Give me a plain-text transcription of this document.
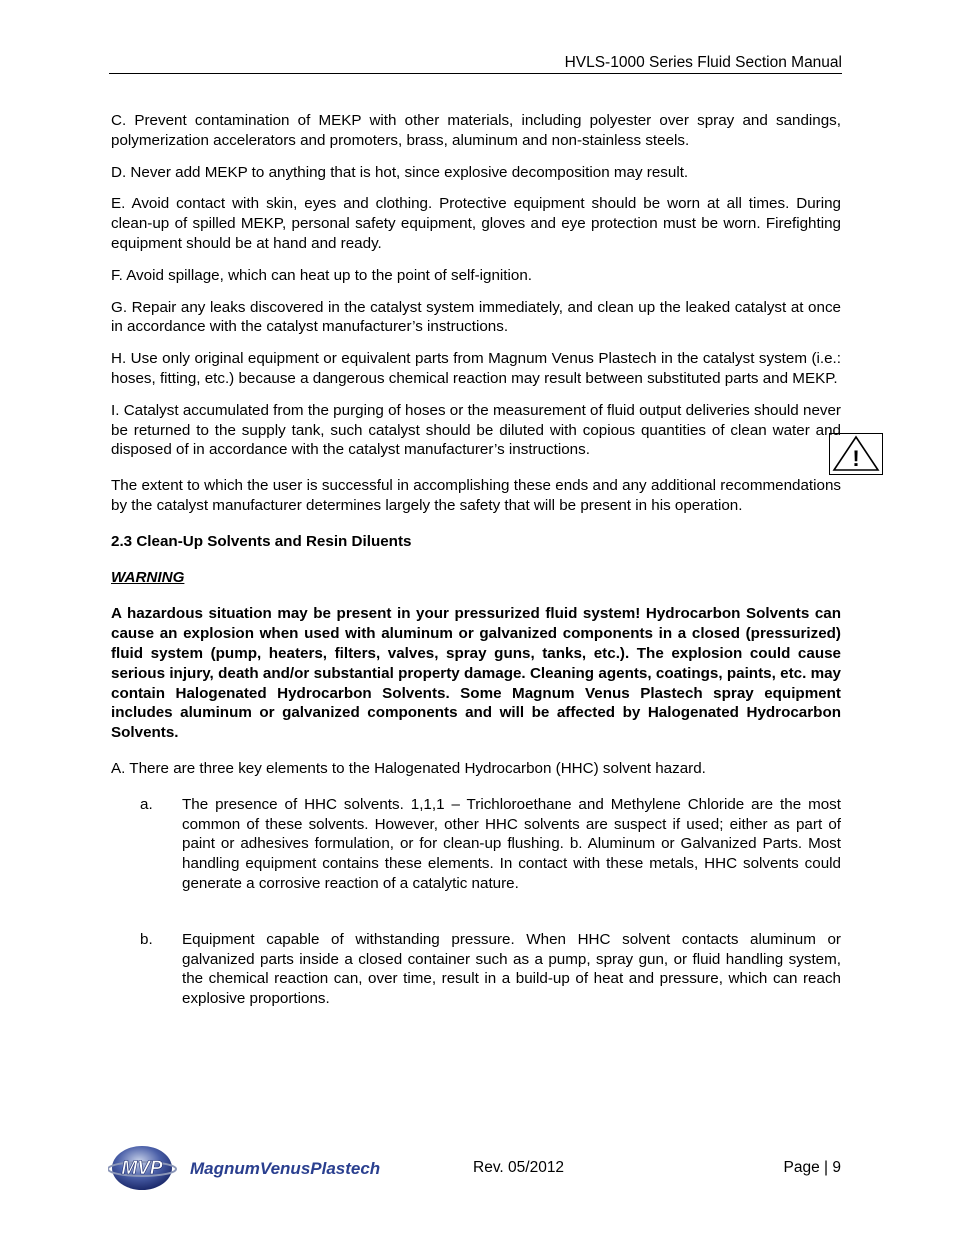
HVLS-1000 Series Fluid Section Manual
!

C. Prevent contamination of MEKP with other materials, including polyester over spray and sandings, polymerization accelerators and promoters, brass, aluminum and non-stainless steels.

D. Never add MEKP to anything that is hot, since explosive decomposition may result.

E. Avoid contact with skin, eyes and clothing. Protective equipment should be worn at all times. During clean-up of spilled MEKP, personal safety equipment, gloves and eye protection must be worn. Firefighting equipment should be at hand and ready.

F. Avoid spillage, which can heat up to the point of self-ignition.

G. Repair any leaks discovered in the catalyst system immediately, and clean up the leaked catalyst at once in accordance with the catalyst manufacturer’s instructions.

H. Use only original equipment or equivalent parts from Magnum Venus Plastech in the catalyst system (i.e.: hoses, fitting, etc.) because a dangerous chemical reaction may result between substituted parts and MEKP.

I. Catalyst accumulated from the purging of hoses or the measurement of fluid output deliveries should never be returned to the supply tank, such catalyst should be diluted with copious quantities of clean water and disposed of in accordance with the catalyst manufacturer’s instructions.

The extent to which the user is successful in accomplishing these ends and any additional recommendations by the catalyst manufacturer determines largely the safety that will be present in his operation.

2.3 Clean-Up Solvents and Resin Diluents
WARNING

A hazardous situation may be present in your pressurized fluid system! Hydrocarbon Solvents can cause an explosion when used with aluminum or galvanized components in a closed (pressurized) fluid system (pump, heaters, filters, valves, spray guns, tanks, etc.). The explosion could cause serious injury, death and/or substantial property damage. Cleaning agents, coatings, paints, etc. may contain Halogenated Hydrocarbon Solvents. Some Magnum Venus Plastech spray equipment includes aluminum or galvanized components and will be affected by Halogenated Hydrocarbon Solvents.

A. There are three key elements to the Halogenated Hydrocarbon (HHC) solvent hazard.

a.	The presence of HHC solvents. 1,1,1 – Trichloroethane and Methylene Chloride are the most common of these solvents. However, other HHC solvents are suspect if used; either as part of paint or adhesives formulation, or for clean-up flushing. b. Aluminum or Galvanized Parts. Most handling equipment contains these elements. In contact with these metals, HHC solvents could generate a corrosive reaction of a catalytic nature.
b.	Equipment capable of withstanding pressure. When HHC solvent contacts aluminum or galvanized parts inside a closed container such as a pump, spray gun, or fluid handling system, the chemical reaction can, over time, result in a build-up of heat and pressure, which can reach explosive proportions.
MVP MagnumVenusPlastech	Rev. 05/2012	Page | 9
